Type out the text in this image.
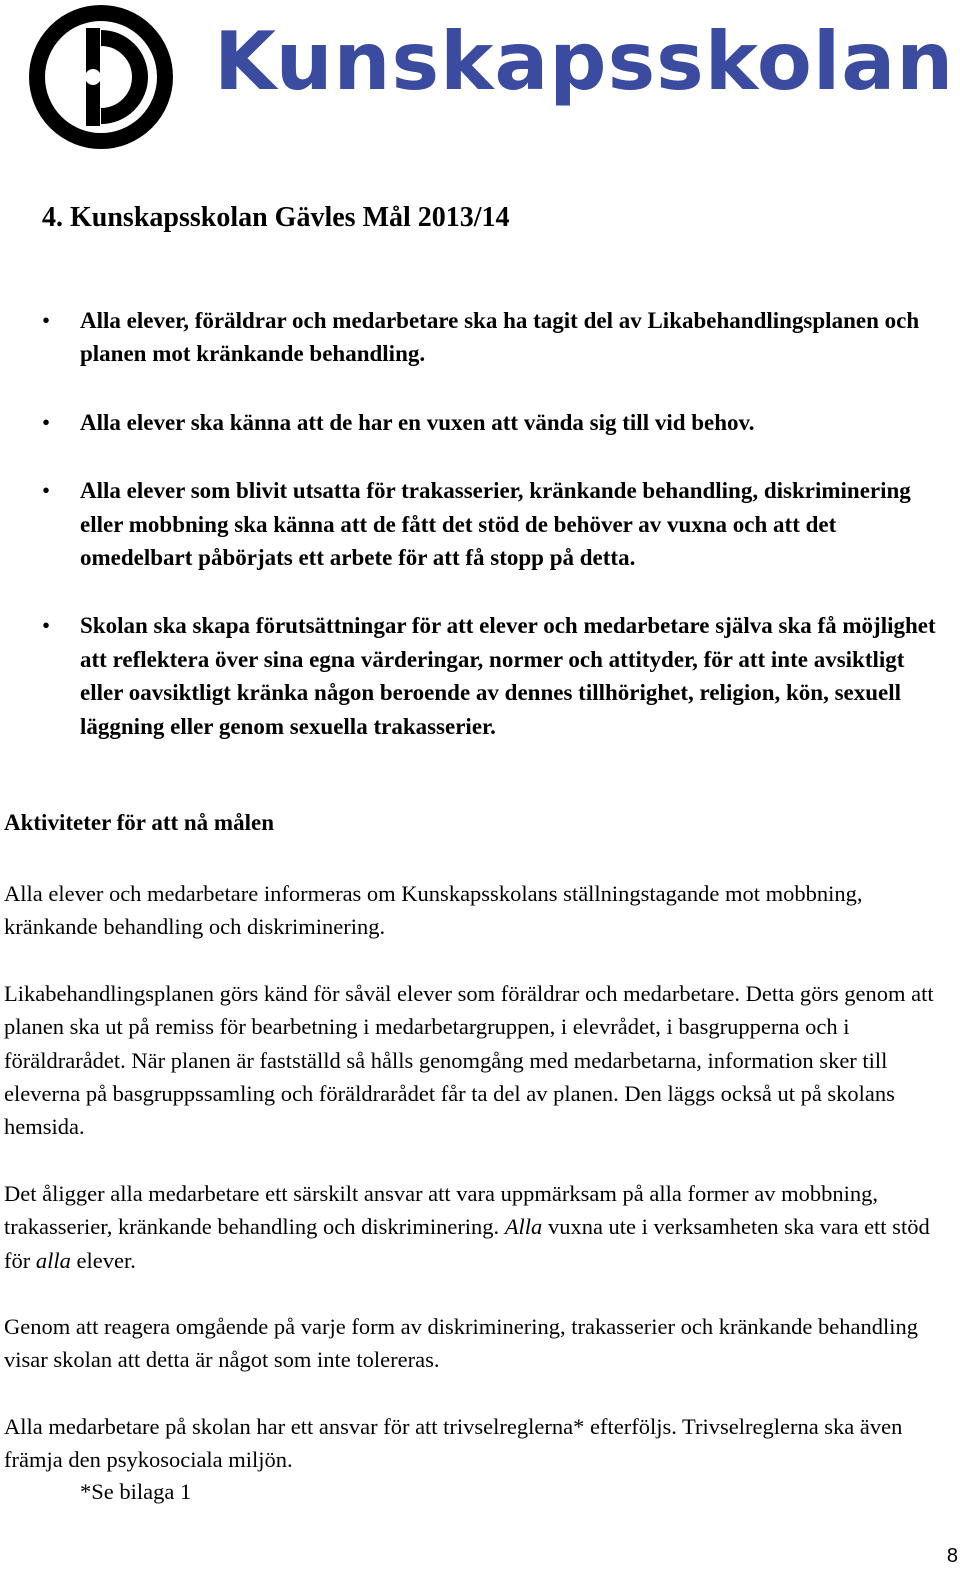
Kunskapsskolan
4. Kunskapsskolan Gävles Mål 2013/14
• Alla elever, föräldrar och medarbetare ska ha tagit del av Likabehandlingsplanen och planen mot kränkande behandling.
• Alla elever ska känna att de har en vuxen att vända sig till vid behov.
• Alla elever som blivit utsatta för trakasserier, kränkande behandling, diskriminering eller mobbning ska känna att de fått det stöd de behöver av vuxna och att det omedelbart påbörjats ett arbete för att få stopp på detta.
• Skolan ska skapa förutsättningar för att elever och medarbetare själva ska få möjlighet att reflektera över sina egna värderingar, normer och attityder, för att inte avsiktligt eller oavsiktligt kränka någon beroende av dennes tillhörighet, religion, kön, sexuell läggning eller genom sexuella trakasserier.
Aktiviteter för att nå målen

Alla elever och medarbetare informeras om Kunskapsskolans ställningstagande mot mobbning, kränkande behandling och diskriminering.

Likabehandlingsplanen görs känd för såväl elever som föräldrar och medarbetare. Detta görs genom att planen ska ut på remiss för bearbetning i medarbetargruppen, i elevrådet, i basgrupperna och i föräldrarådet. När planen är fastställd så hålls genomgång med medarbetarna, information sker till eleverna på basgruppssamling och föräldrarådet får ta del av planen. Den läggs också ut på skolans hemsida.

Det åligger alla medarbetare ett särskilt ansvar att vara uppmärksam på alla former av mobbning, trakasserier, kränkande behandling och diskriminering. Alla vuxna ute i verksamheten ska vara ett stöd för alla elever.

Genom att reagera omgående på varje form av diskriminering, trakasserier och kränkande behandling visar skolan att detta är något som inte tolereras.

Alla medarbetare på skolan har ett ansvar för att trivselreglerna* efterföljs. Trivselreglerna ska även främja den psykosociala miljön.

*Se bilaga 1
8
